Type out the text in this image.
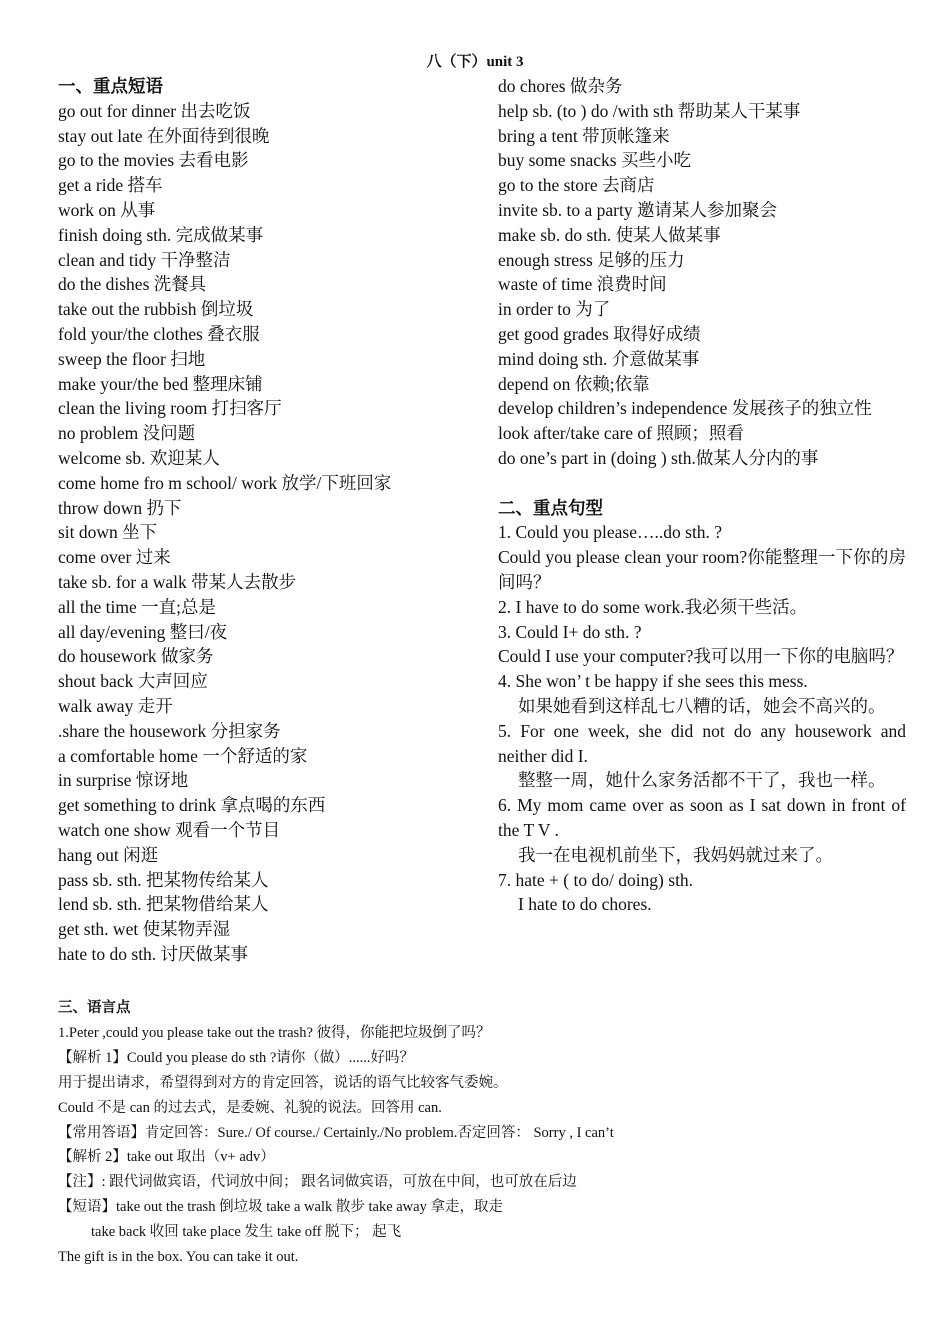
八（下）unit 3
一、重点短语
go out for dinner 出去吃饭
stay out late 在外面待到很晚
go to the movies 去看电影
get a ride 搭车
work on 从事
finish doing sth. 完成做某事
clean and tidy 干净整洁
do the dishes 洗餐具
take out the rubbish 倒垃圾
fold your/the clothes 叠衣服
sweep the floor 扫地
make your/the bed 整理床铺
clean the living room 打扫客厅
no problem 没问题
welcome sb. 欢迎某人
come home fro m school/ work 放学/下班回家
throw down 扔下
sit down 坐下
come over 过来
take sb. for a walk 带某人去散步
all the time 一直;总是
all day/evening 整曰/夜
do housework 做家务
shout back 大声回应
walk away 走开
.share the housework 分担家务
a comfortable home 一个舒适的家
in surprise 惊讶地
get something to drink 拿点喝的东西
watch one show 观看一个节目
hang out 闲逛
pass sb. sth. 把某物传给某人
lend sb. sth. 把某物借给某人
get sth. wet 使某物弄湿
hate to do sth. 讨厌做某事
do chores 做杂务
help sb. (to ) do /with sth 帮助某人干某事
bring a tent 带顶帐篷来
buy some snacks 买些小吃
go to the store 去商店
invite sb. to a party 邀请某人参加聚会
make sb. do sth. 使某人做某事
enough stress 足够的压力
waste of time 浪费时间
in order to 为了
get good grades 取得好成绩
mind doing sth. 介意做某事
depend on 依赖;依靠
develop children’s independence 发展孩子的独立性
look after/take care of 照顾；照看
do one’s part in (doing ) sth.做某人分内的事
二、重点句型
1. Could you please…..do sth. ?
Could you please clean your room?你能整理一下你的房间吗？
2. I have to do some work.我必须干些活。
3. Could I+ do sth. ?
Could I use your computer?我可以用一下你的电脑吗？
4. She won’ t be happy if she sees this mess.
如果她看到这样乱七八糟的话，她会不高兴的。
5. For one week, she did not do any housework and neither did I.
整整一周，她什么家务活都不干了，我也一样。
6. My mom came over as soon as I sat down in front of the T V .
我一在电视机前坐下，我妈妈就过来了。
7. hate + ( to do/ doing) sth.
I hate to do chores.
三、语言点
1.Peter ,could you please take out the trash? 彼得，你能把垃圾倒了吗？
【解析 1】Could you please do sth ?请你（做）......好吗？
用于提出请求，希望得到对方的肯定回答，说话的语气比较客气委婉。
Could 不是 can 的过去式，是委婉、礼貌的说法。回答用 can.
【常用答语】肯定回答：Sure./ Of course./ Certainly./No problem.否定回答： Sorry , I can’t
【解析 2】take out 取出（v+ adv）
【注】: 跟代词做宾语，代词放中间； 跟名词做宾语，可放在中间，也可放在后边
【短语】take out the trash 倒垃圾 take a walk 散步 take away 拿走，取走
take back 收回 take place 发生 take off 脱下； 起飞
The gift is in the box. You can take it out.
